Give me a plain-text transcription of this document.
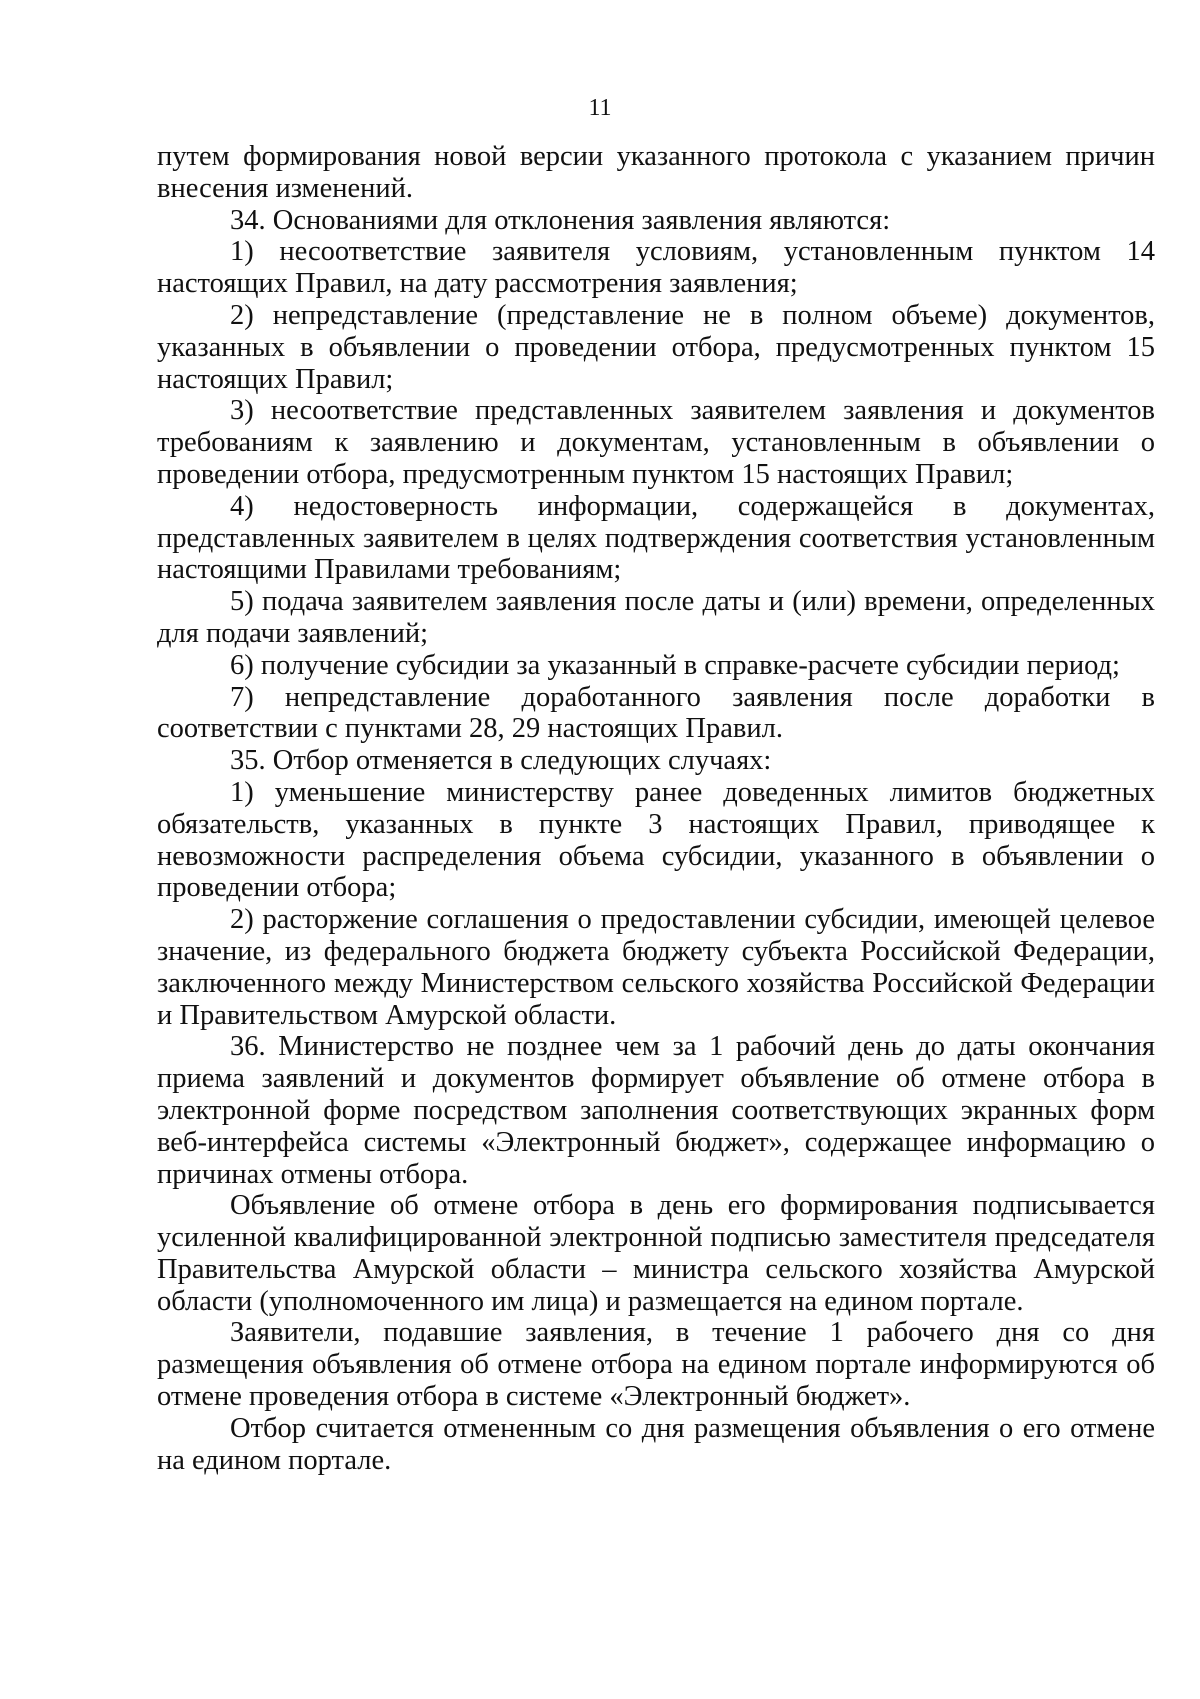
11

путем формирования новой версии указанного протокола с указанием причин внесения изменений.

34. Основаниями для отклонения заявления являются:

1) несоответствие заявителя условиям, установленным пунктом 14 настоящих Правил, на дату рассмотрения заявления;

2) непредставление (представление не в полном объеме) документов, указанных в объявлении о проведении отбора, предусмотренных пунктом 15 настоящих Правил;

3) несоответствие представленных заявителем заявления и документов требованиям к заявлению и документам, установленным в объявлении о проведении отбора, предусмотренным пунктом 15 настоящих Правил;

4) недостоверность информации, содержащейся в документах, представленных заявителем в целях подтверждения соответствия установленным настоящими Правилами требованиям;

5) подача заявителем заявления после даты и (или) времени, определенных для подачи заявлений;

6) получение субсидии за указанный в справке-расчете субсидии период;

7) непредставление доработанного заявления после доработки в соответствии с пунктами 28, 29 настоящих Правил.

35. Отбор отменяется в следующих случаях:

1) уменьшение министерству ранее доведенных лимитов бюджетных обязательств, указанных в пункте 3 настоящих Правил, приводящее к невозможности распределения объема субсидии, указанного в объявлении о проведении отбора;

2) расторжение соглашения о предоставлении субсидии, имеющей целевое значение, из федерального бюджета бюджету субъекта Российской Федерации, заключенного между Министерством сельского хозяйства Российской Федерации и Правительством Амурской области.

36. Министерство не позднее чем за 1 рабочий день до даты окончания приема заявлений и документов формирует объявление об отмене отбора в электронной форме посредством заполнения соответствующих экранных форм веб-интерфейса системы «Электронный бюджет», содержащее информацию о причинах отмены отбора.

Объявление об отмене отбора в день его формирования подписывается усиленной квалифицированной электронной подписью заместителя председателя Правительства Амурской области – министра сельского хозяйства Амурской области (уполномоченного им лица) и размещается на едином портале.

Заявители, подавшие заявления, в течение 1 рабочего дня со дня размещения объявления об отмене отбора на едином портале информируются об отмене проведения отбора в системе «Электронный бюджет».

Отбор считается отмененным со дня размещения объявления о его отмене на едином портале.
